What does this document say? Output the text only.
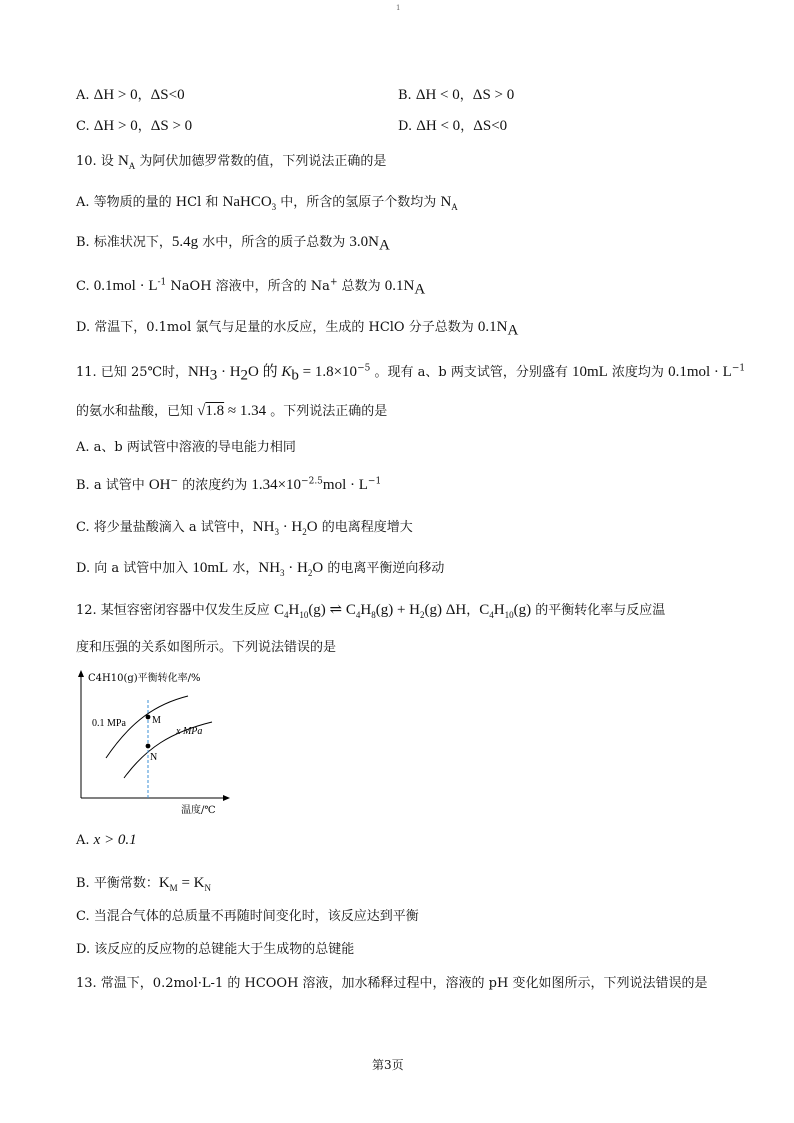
1
A. ΔH > 0，ΔS<0	B. ΔH < 0，ΔS > 0
C. ΔH > 0，ΔS > 0	D. ΔH < 0，ΔS<0
10. 设 $N_A$ 为阿伏加德罗常数的值，下列说法正确的是
A. 等物质的量的 HCl 和 NaHCO$_3$ 中，所含的氢原子个数均为 $N_A$
B. 标准状况下，5.4g 水中，所含的质子总数为 $3.0N_A$
C. $0.1mol \cdot L^{-1}$ NaOH 溶液中，所含的 Na+ 总数为 $0.1N_A$
D. 常温下，0.1mol 氯气与足量的水反应，生成的 HClO 分子总数为 $0.1N_A$
11. 已知 25℃时，$NH_3 \cdot H_2O$ 的 $K_b = 1.8\times 10^{-5}$ 。现有 a、b 两支试管，分别盛有 10mL 浓度均为 $0.1mol \cdot L^{-1}$
的氨水和盐酸，已知 √1.8 ≈ 1.34 。下列说法正确的是
A. a、b 两试管中溶液的导电能力相同
B. a 试管中 OH− 的浓度约为 $1.34\times 10^{-2.5}mol \cdot L^{-1}$
C. 将少量盐酸滴入 a 试管中，$NH_3 \cdot H_2O$ 的电离程度增大
D. 向 a 试管中加入 10mL 水，$NH_3 \cdot H_2O$ 的电离平衡逆向移动
12. 某恒容密闭容器中仅发生反应 $C_4H_{10}(g)$ ⇌ $C_4H_8(g) + H_2(g)$ ΔH，$C_4H_{10}(g)$ 的平衡转化率与反应温
度和压强的关系如图所示。下列说法错误的是
C4H10(g)平衡转化率/%
0.1 MPa
x MPa
M
N
温度/℃
A. x > 0.1
B. 平衡常数：$K_M = K_N$
C. 当混合气体的总质量不再随时间变化时，该反应达到平衡
D. 该反应的反应物的总键能大于生成物的总键能
13. 常温下，0.2mol·L-1 的 HCOOH 溶液，加水稀释过程中，溶液的 pH 变化如图所示，下列说法错误的是
第3页
